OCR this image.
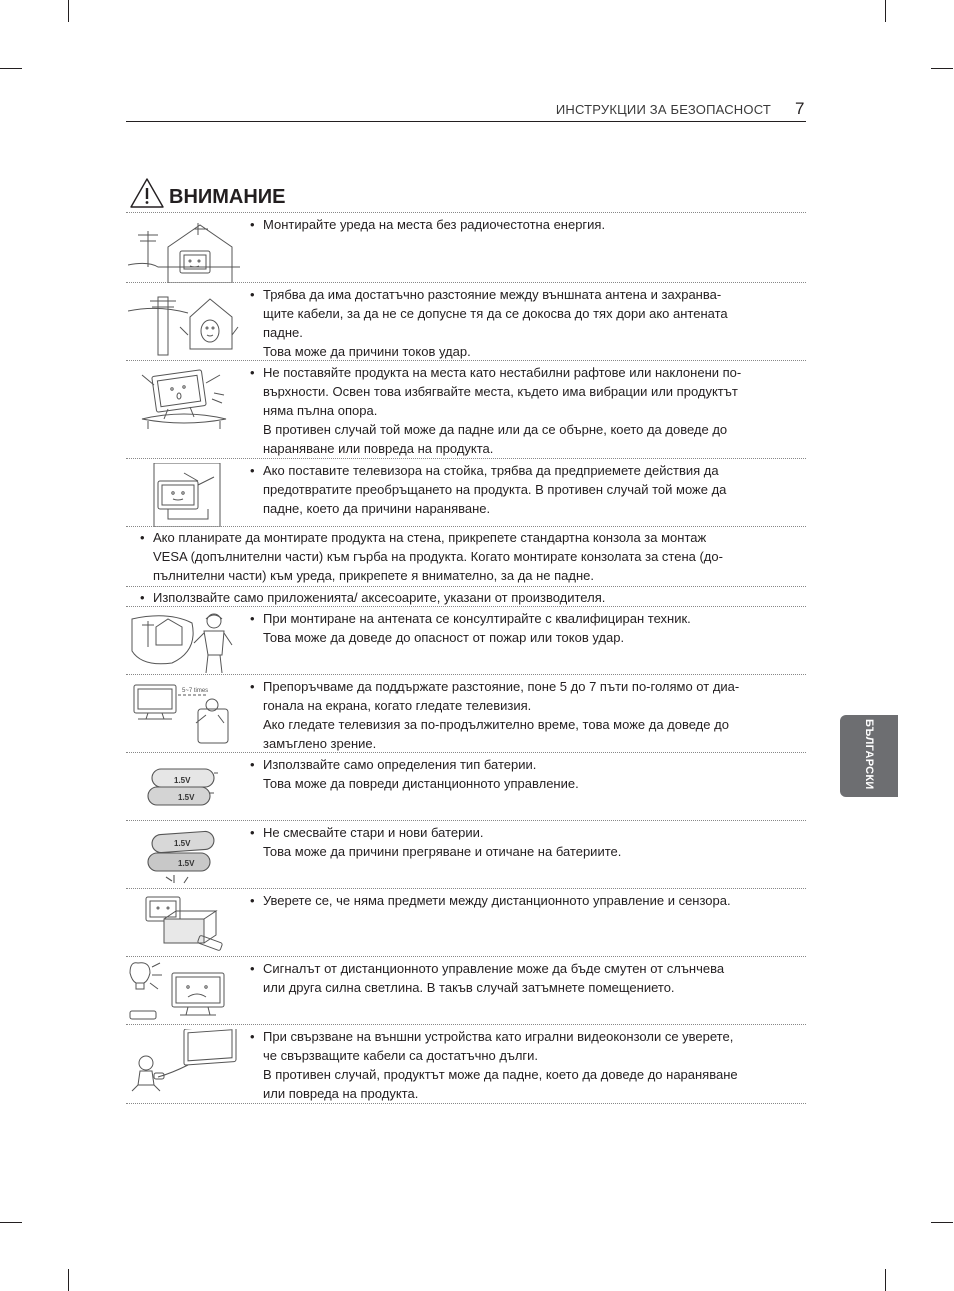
ИНСТРУКЦИИ ЗА БЕЗОПАСНОСТ 7
ВНИМАНИЕ
БЪЛГАРСКИ
• Монтирайте уреда на места без радиочестотна енергия.
• Трябва да има достатъчно разстояние между външната антена и захранва-
щите кабели, за да не се допусне тя да се докосва до тях дори ако антената
падне.
Това може да причини токов удар.
• Не поставяйте продукта на места като нестабилни рафтове или наклонени по-
върхности. Освен това избягвайте места, където има вибрации или продуктът
няма пълна опора.
В противен случай той може да падне или да се обърне, което да доведе до
нараняване или повреда на продукта.
• Ако поставите телевизора на стойка, трябва да предприемете действия да
предотвратите преобръщането на продукта. В противен случай той може да
падне, което да причини нараняване.
• Ако планирате да монтирате продукта на стена, прикрепете стандартна конзола за монтаж
VESA (допълнителни части) към гърба на продукта. Когато монтирате конзолата за стена (до-
пълнителни части) към уреда, прикрепете я внимателно, за да не падне.
• Използвайте само приложенията/ аксесоарите, указани от производителя.
• При монтиране на антената се консултирайте с квалифициран техник.
Това може да доведе до опасност от пожар или токов удар.
5~7 times	• Препоръчваме да поддържате разстояние, поне 5 до 7 пъти по-голямо от диа-
гонала на екрана, когато гледате телевизия.
Ако гледате телевизия за по-продължително време, това може да доведе до
замъглено зрение.
1.5V
1.5V
• Използвайте само определения тип батерии.
Това може да повреди дистанционното управление.
1.5V
1.5V
• Не смесвайте стари и нови батерии.
Това може да причини прегряване и отичане на батериите.
• Уверете се, че няма предмети между дистанционното управление и сензора.
• Сигналът от дистанционното управление може да бъде смутен от слънчева
или друга силна светлина. В такъв случай затъмнете помещението.
• При свързване на външни устройства като игрални видеоконзоли се уверете,
че свързващите кабели са достатъчно дълги.
В противен случай, продуктът може да падне, което да доведе до нараняване
или повреда на продукта.
